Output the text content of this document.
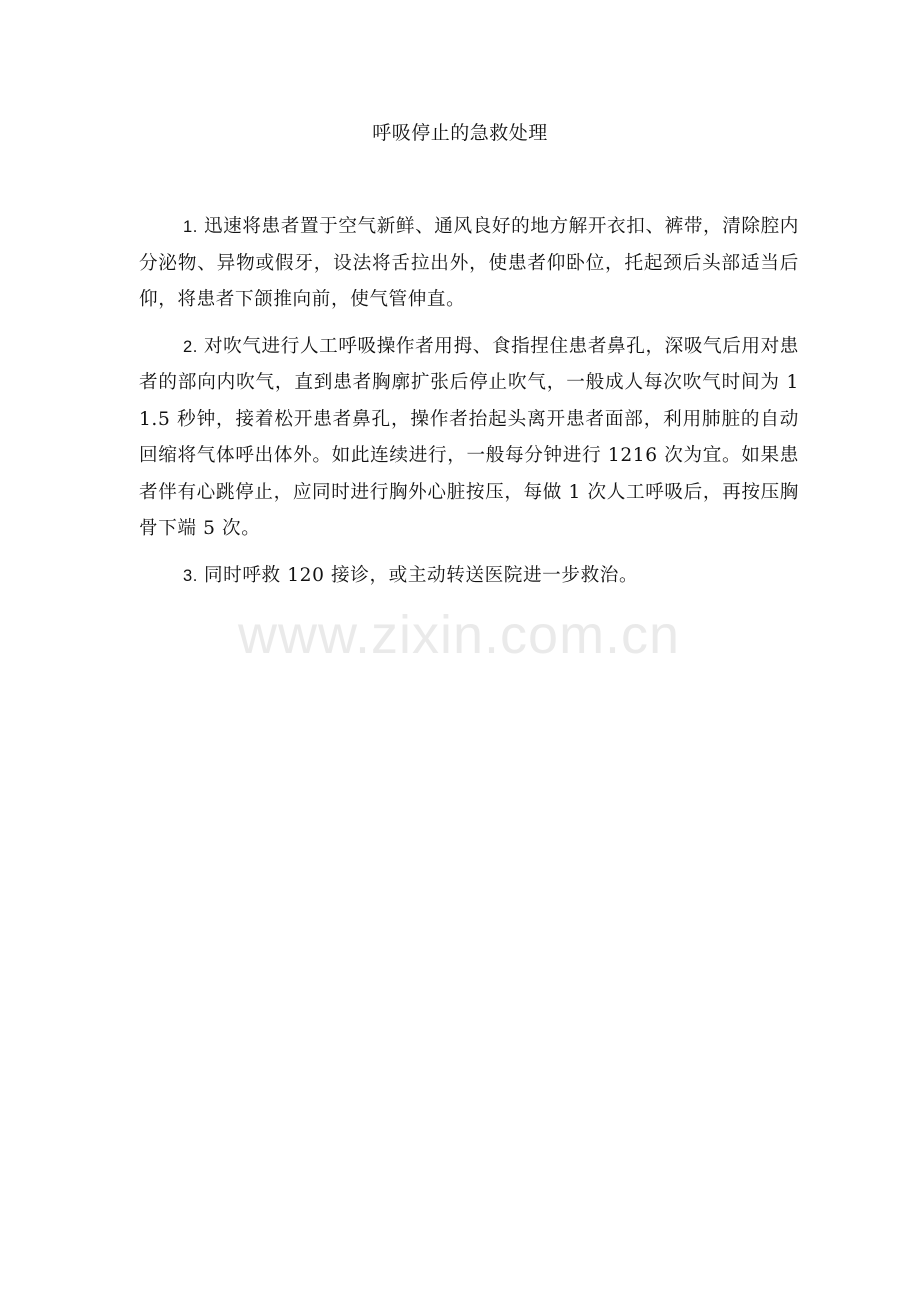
呼吸停止的急救处理

1. 迅速将患者置于空气新鲜、通风良好的地方解开衣扣、裤带，清除腔内分泌物、异物或假牙，设法将舌拉出外，使患者仰卧位，托起颈后头部适当后仰，将患者下颌推向前，使气管伸直。

2. 对吹气进行人工呼吸操作者用拇、食指捏住患者鼻孔，深吸气后用对患者的部向内吹气，直到患者胸廓扩张后停止吹气，一般成人每次吹气时间为 1 1.5 秒钟，接着松开患者鼻孔，操作者抬起头离开患者面部，利用肺脏的自动回缩将气体呼出体外。如此连续进行，一般每分钟进行 1216 次为宜。如果患者伴有心跳停止，应同时进行胸外心脏按压，每做 1 次人工呼吸后，再按压胸骨下端 5 次。

3. 同时呼救 120 接诊，或主动转送医院进一步救治。

www.zixin.com.cn
